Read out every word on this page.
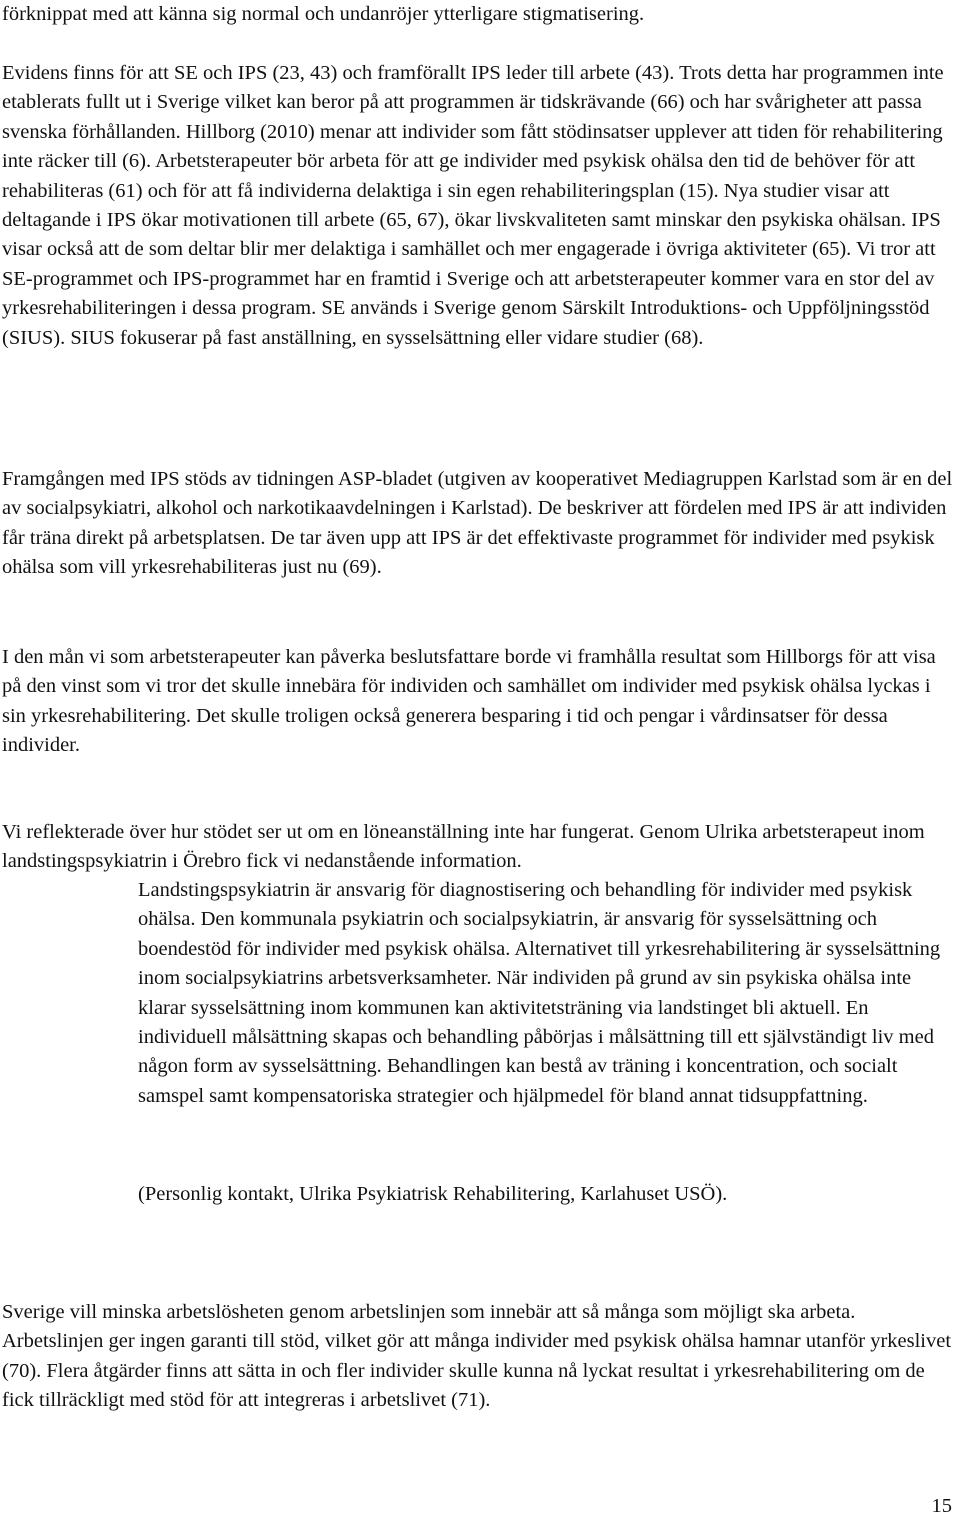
förknippat med att känna sig normal och undanröjer ytterligare stigmatisering.

Evidens finns för att SE och IPS (23, 43) och framförallt IPS leder till arbete (43). Trots detta har programmen inte etablerats fullt ut i Sverige vilket kan beror på att programmen är tidskrävande (66) och har svårigheter att passa svenska förhållanden. Hillborg (2010) menar att individer som fått stödinsatser upplever att tiden för rehabilitering inte räcker till (6). Arbetsterapeuter bör arbeta för att ge individer med psykisk ohälsa den tid de behöver för att rehabiliteras (61) och för att få individerna delaktiga i sin egen rehabiliteringsplan (15). Nya studier visar att deltagande i IPS ökar motivationen till arbete (65, 67), ökar livskvaliteten samt minskar den psykiska ohälsan. IPS visar också att de som deltar blir mer delaktiga i samhället och mer engagerade i övriga aktiviteter (65). Vi tror att SE-programmet och IPS-programmet har en framtid i Sverige och att arbetsterapeuter kommer vara en stor del av yrkesrehabiliteringen i dessa program. SE används i Sverige genom Särskilt Introduktions- och Uppföljningsstöd (SIUS). SIUS fokuserar på fast anställning, en sysselsättning eller vidare studier (68).

Framgången med IPS stöds av tidningen ASP-bladet (utgiven av kooperativet Mediagruppen Karlstad som är en del av socialpsykiatri, alkohol och narkotikaavdelningen i Karlstad). De beskriver att fördelen med IPS är att individen får träna direkt på arbetsplatsen. De tar även upp att IPS är det effektivaste programmet för individer med psykisk ohälsa som vill yrkesrehabiliteras just nu (69).

I den mån vi som arbetsterapeuter kan påverka beslutsfattare borde vi framhålla resultat som Hillborgs för att visa på den vinst som vi tror det skulle innebära för individen och samhället om individer med psykisk ohälsa lyckas i sin yrkesrehabilitering. Det skulle troligen också generera besparing i tid och pengar i vårdinsatser för dessa individer.

Vi reflekterade över hur stödet ser ut om en löneanställning inte har fungerat. Genom Ulrika arbetsterapeut inom landstingspsykiatrin i Örebro fick vi nedanstående information.

Landstingspsykiatrin är ansvarig för diagnostisering och behandling för individer med psykisk ohälsa. Den kommunala psykiatrin och socialpsykiatrin, är ansvarig för sysselsättning och boendestöd för individer med psykisk ohälsa. Alternativet till yrkesrehabilitering är sysselsättning inom socialpsykiatrins arbetsverksamheter. När individen på grund av sin psykiska ohälsa inte klarar sysselsättning inom kommunen kan aktivitetsträning via landstinget bli aktuell. En individuell målsättning skapas och behandling påbörjas i målsättning till ett självständigt liv med någon form av sysselsättning. Behandlingen kan bestå av träning i koncentration, och socialt samspel samt kompensatoriska strategier och hjälpmedel för bland annat tidsuppfattning.

(Personlig kontakt, Ulrika Psykiatrisk Rehabilitering, Karlahuset USÖ).

Sverige vill minska arbetslösheten genom arbetslinjen som innebär att så många som möjligt ska arbeta. Arbetslinjen ger ingen garanti till stöd, vilket gör att många individer med psykisk ohälsa hamnar utanför yrkeslivet (70). Flera åtgärder finns att sätta in och fler individer skulle kunna nå lyckat resultat i yrkesrehabilitering om de fick tillräckligt med stöd för att integreras i arbetslivet (71).

15
